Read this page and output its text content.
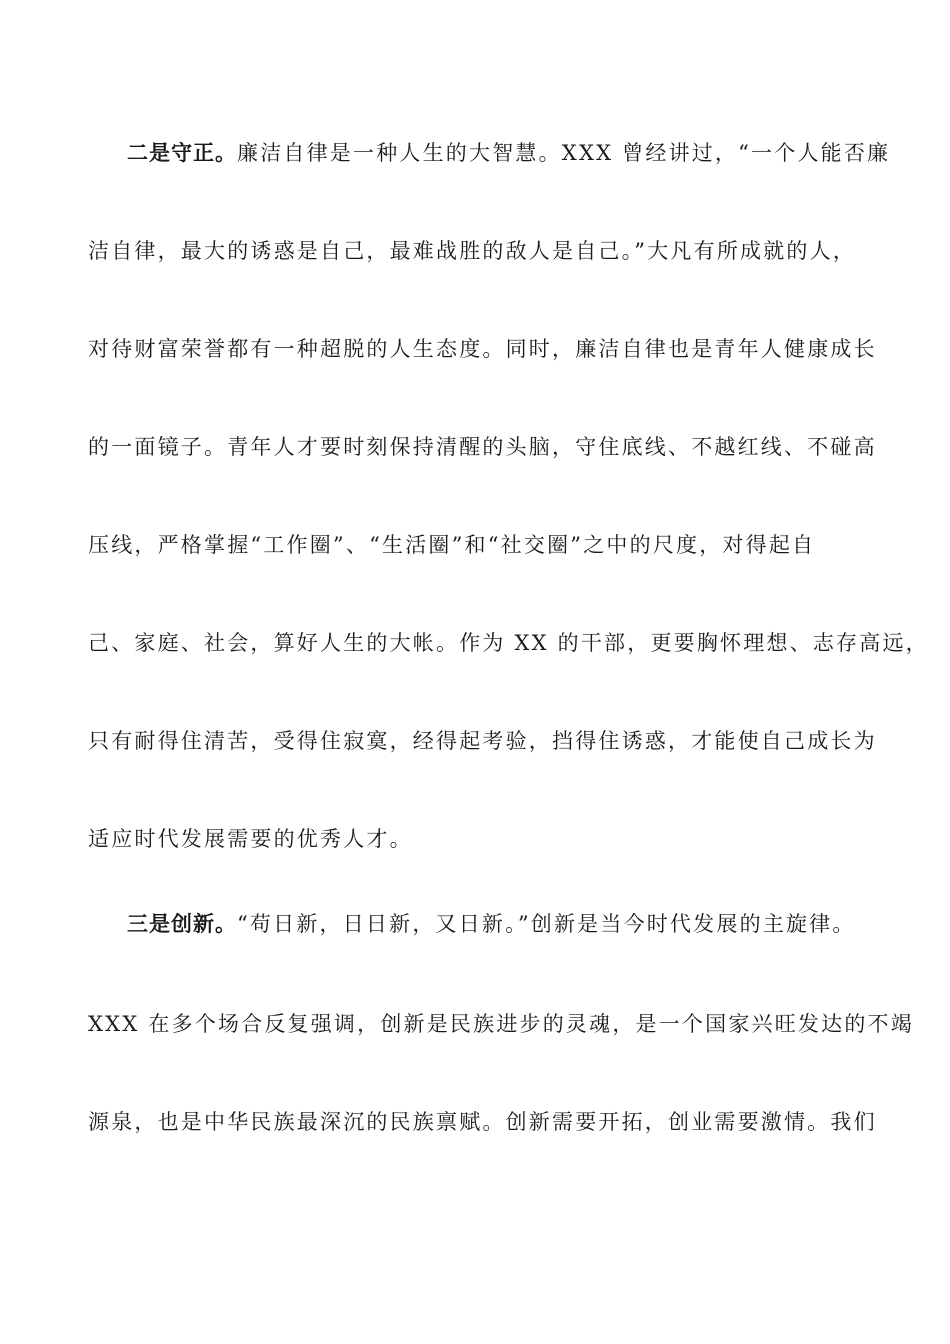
二是守正。廉洁自律是一种人生的大智慧。XXX 曾经讲过，“一个人能否廉
洁自律，最大的诱惑是自己，最难战胜的敌人是自己。”大凡有所成就的人，
对待财富荣誉都有一种超脱的人生态度。同时，廉洁自律也是青年人健康成长
的一面镜子。青年人才要时刻保持清醒的头脑，守住底线、不越红线、不碰高
压线，严格掌握“工作圈”、“生活圈”和“社交圈”之中的尺度，对得起自
己、家庭、社会，算好人生的大帐。作为 XX 的干部，更要胸怀理想、志存高远，
只有耐得住清苦，受得住寂寞，经得起考验，挡得住诱惑，才能使自己成长为
适应时代发展需要的优秀人才。
三是创新。“苟日新，日日新，又日新。”创新是当今时代发展的主旋律。
XXX 在多个场合反复强调，创新是民族进步的灵魂，是一个国家兴旺发达的不竭
源泉，也是中华民族最深沉的民族禀赋。创新需要开拓，创业需要激情。我们
